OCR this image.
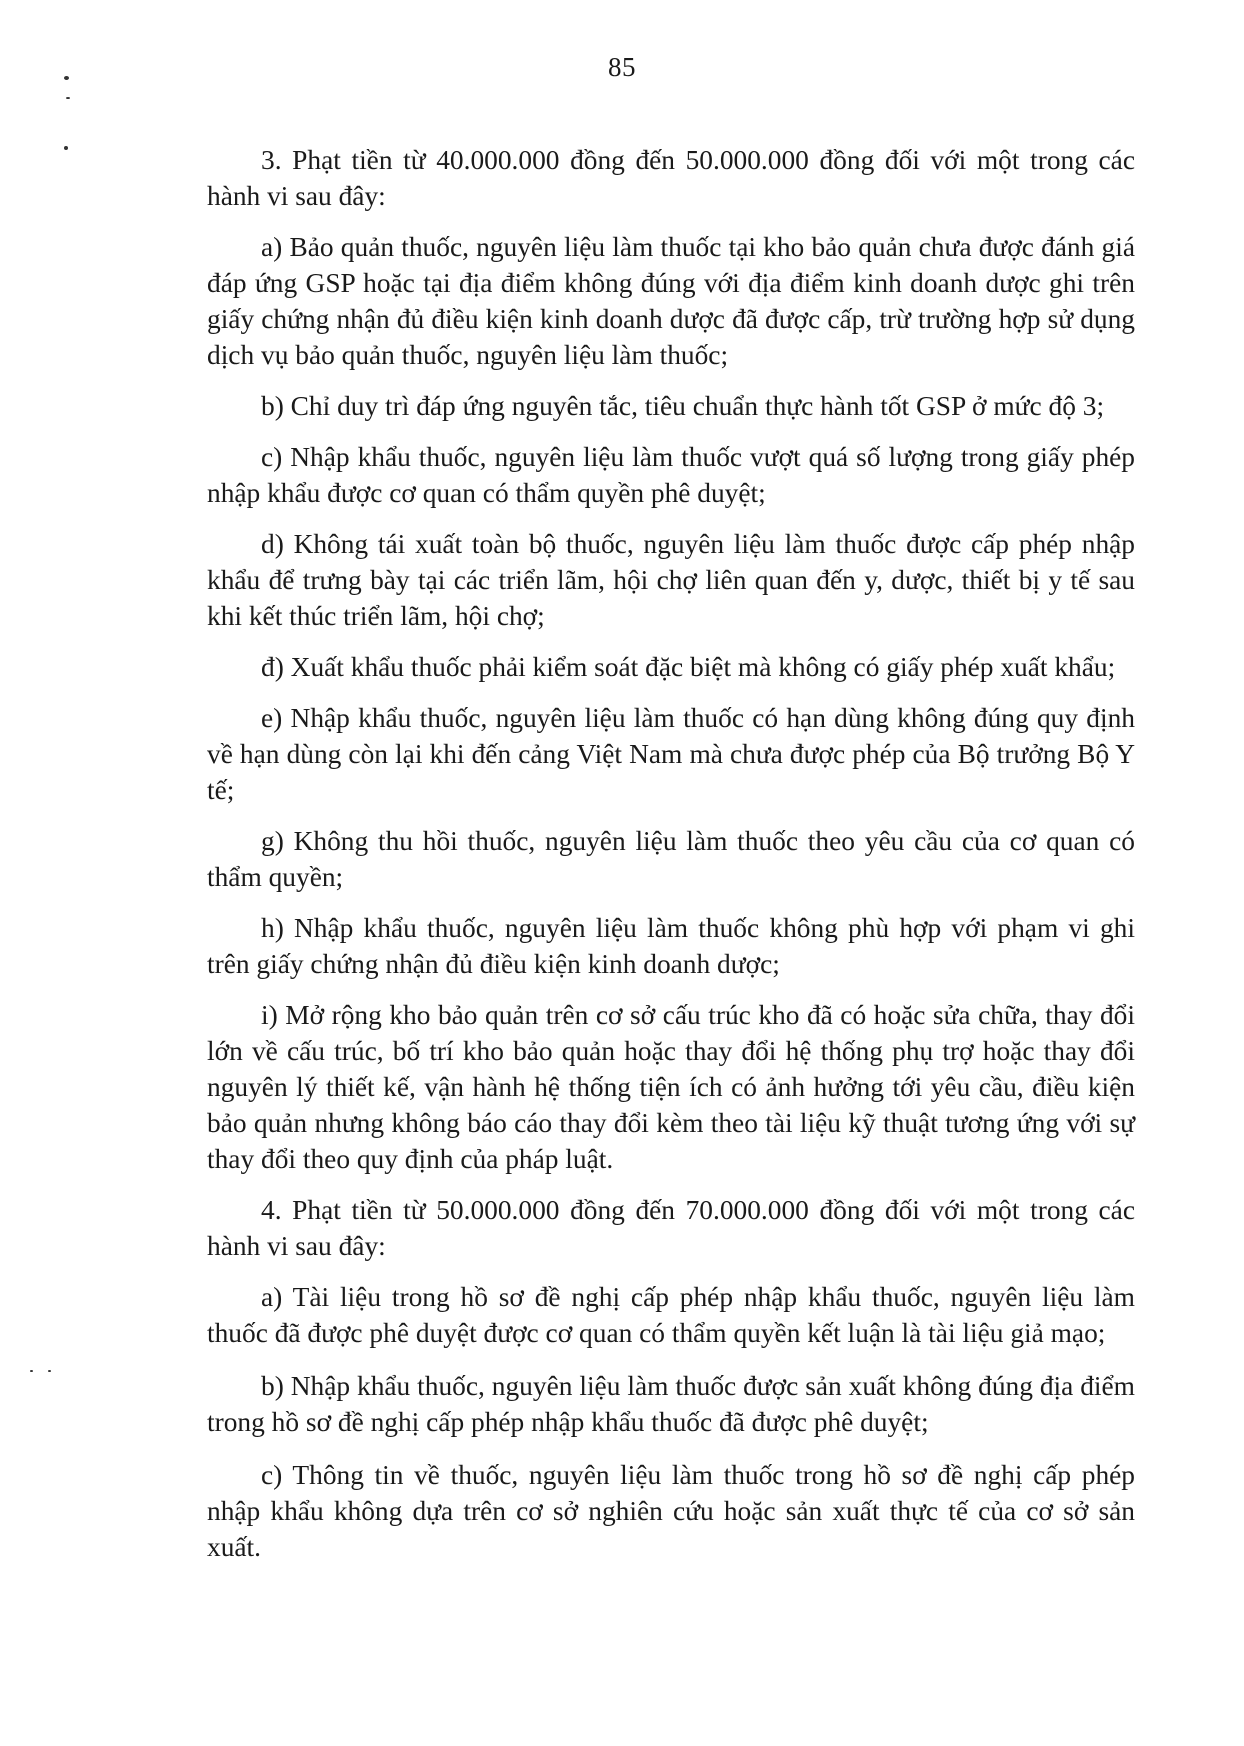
85

3. Phạt tiền từ 40.000.000 đồng đến 50.000.000 đồng đối với một trong các hành vi sau đây:

a) Bảo quản thuốc, nguyên liệu làm thuốc tại kho bảo quản chưa được đánh giá đáp ứng GSP hoặc tại địa điểm không đúng với địa điểm kinh doanh dược ghi trên giấy chứng nhận đủ điều kiện kinh doanh dược đã được cấp, trừ trường hợp sử dụng dịch vụ bảo quản thuốc, nguyên liệu làm thuốc;

b) Chỉ duy trì đáp ứng nguyên tắc, tiêu chuẩn thực hành tốt GSP ở mức độ 3;

c) Nhập khẩu thuốc, nguyên liệu làm thuốc vượt quá số lượng trong giấy phép nhập khẩu được cơ quan có thẩm quyền phê duyệt;

d) Không tái xuất toàn bộ thuốc, nguyên liệu làm thuốc được cấp phép nhập khẩu để trưng bày tại các triển lãm, hội chợ liên quan đến y, dược, thiết bị y tế sau khi kết thúc triển lãm, hội chợ;

đ) Xuất khẩu thuốc phải kiểm soát đặc biệt mà không có giấy phép xuất khẩu;

e) Nhập khẩu thuốc, nguyên liệu làm thuốc có hạn dùng không đúng quy định về hạn dùng còn lại khi đến cảng Việt Nam mà chưa được phép của Bộ trưởng Bộ Y tế;

g) Không thu hồi thuốc, nguyên liệu làm thuốc theo yêu cầu của cơ quan có thẩm quyền;

h) Nhập khẩu thuốc, nguyên liệu làm thuốc không phù hợp với phạm vi ghi trên giấy chứng nhận đủ điều kiện kinh doanh dược;

i) Mở rộng kho bảo quản trên cơ sở cấu trúc kho đã có hoặc sửa chữa, thay đổi lớn về cấu trúc, bố trí kho bảo quản hoặc thay đổi hệ thống phụ trợ hoặc thay đổi nguyên lý thiết kế, vận hành hệ thống tiện ích có ảnh hưởng tới yêu cầu, điều kiện bảo quản nhưng không báo cáo thay đổi kèm theo tài liệu kỹ thuật tương ứng với sự thay đổi theo quy định của pháp luật.

4. Phạt tiền từ 50.000.000 đồng đến 70.000.000 đồng đối với một trong các hành vi sau đây:

a) Tài liệu trong hồ sơ đề nghị cấp phép nhập khẩu thuốc, nguyên liệu làm thuốc đã được phê duyệt được cơ quan có thẩm quyền kết luận là tài liệu giả mạo;

b) Nhập khẩu thuốc, nguyên liệu làm thuốc được sản xuất không đúng địa điểm trong hồ sơ đề nghị cấp phép nhập khẩu thuốc đã được phê duyệt;

c) Thông tin về thuốc, nguyên liệu làm thuốc trong hồ sơ đề nghị cấp phép nhập khẩu không dựa trên cơ sở nghiên cứu hoặc sản xuất thực tế của cơ sở sản xuất.
